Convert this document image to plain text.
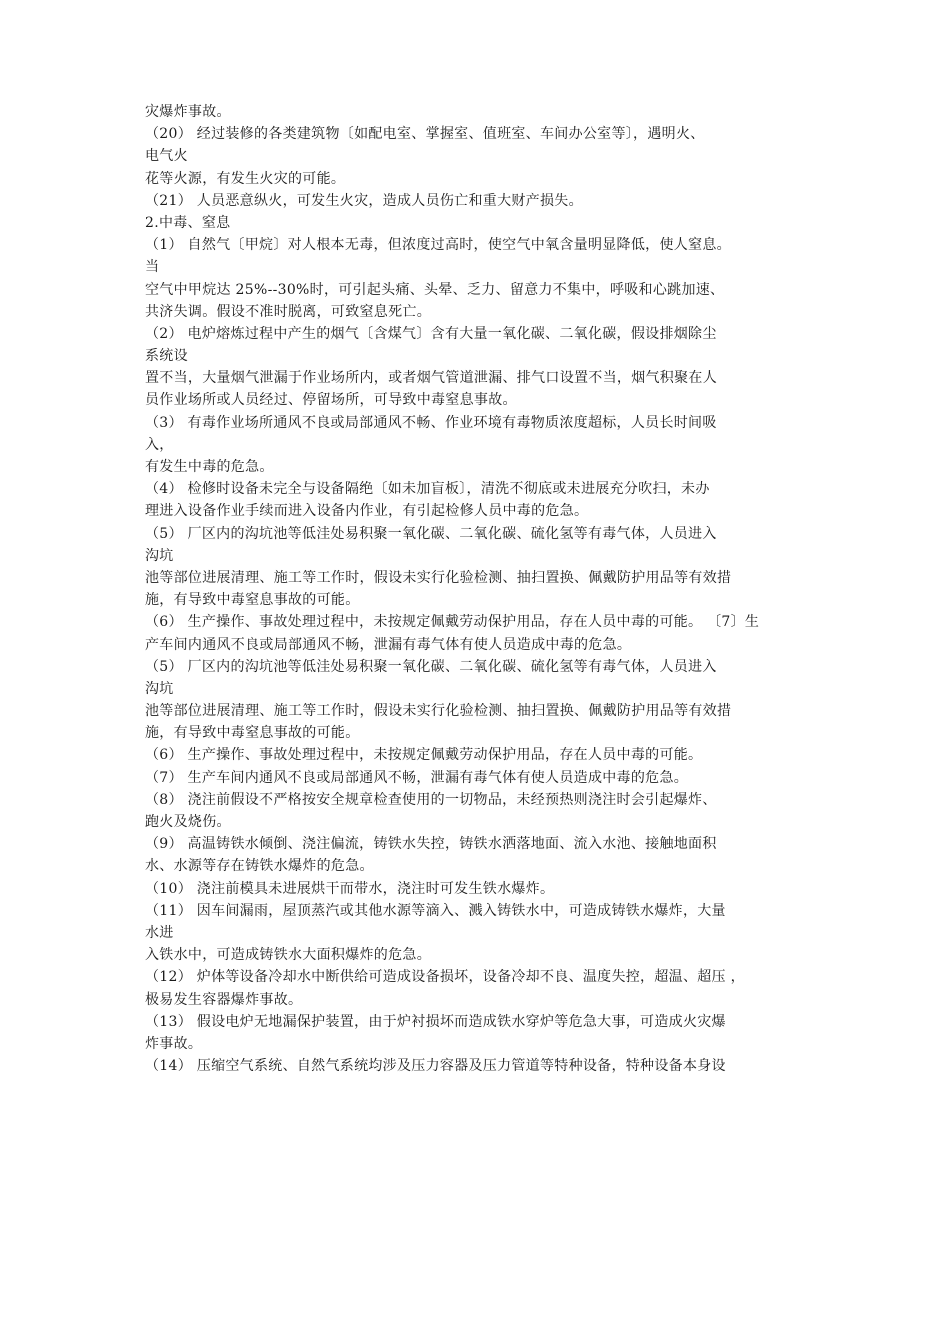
灾爆炸事故。
（20） 经过装修的各类建筑物〔如配电室、掌握室、值班室、车间办公室等〕，遇明火、
电气火
花等火源，有发生火灾的可能。
（21） 人员恶意纵火，可发生火灾，造成人员伤亡和重大财产损失。
2.中毒、窒息
（1） 自然气〔甲烷〕对人根本无毒，但浓度过高时，使空气中氧含量明显降低，使人窒息。
当
空气中甲烷达 25%--30%时，可引起头痛、头晕、乏力、留意力不集中，呼吸和心跳加速、
共济失调。假设不准时脱离，可致窒息死亡。
（2） 电炉熔炼过程中产生的烟气〔含煤气〕含有大量一氧化碳、二氧化碳，假设排烟除尘
系统设
置不当，大量烟气泄漏于作业场所内，或者烟气管道泄漏、排气口设置不当，烟气积聚在人
员作业场所或人员经过、停留场所，可导致中毒窒息事故。
（3） 有毒作业场所通风不良或局部通风不畅、作业环境有毒物质浓度超标，人员长时间吸
入，
有发生中毒的危急。
（4） 检修时设备未完全与设备隔绝〔如未加盲板〕，清洗不彻底或未进展充分吹扫，未办
理进入设备作业手续而进入设备内作业，有引起检修人员中毒的危急。
（5） 厂区内的沟坑池等低洼处易积聚一氧化碳、二氧化碳、硫化氢等有毒气体，人员进入
沟坑
池等部位进展清理、施工等工作时，假设未实行化验检测、抽扫置换、佩戴防护用品等有效措
施，有导致中毒窒息事故的可能。
（6） 生产操作、事故处理过程中，未按规定佩戴劳动保护用品，存在人员中毒的可能。 〔7〕生
产车间内通风不良或局部通风不畅，泄漏有毒气体有使人员造成中毒的危急。
（5） 厂区内的沟坑池等低洼处易积聚一氧化碳、二氧化碳、硫化氢等有毒气体，人员进入
沟坑
池等部位进展清理、施工等工作时，假设未实行化验检测、抽扫置换、佩戴防护用品等有效措
施，有导致中毒窒息事故的可能。
（6） 生产操作、事故处理过程中，未按规定佩戴劳动保护用品，存在人员中毒的可能。
（7） 生产车间内通风不良或局部通风不畅，泄漏有毒气体有使人员造成中毒的危急。
（8） 浇注前假设不严格按安全规章检查使用的一切物品，未经预热则浇注时会引起爆炸、
跑火及烧伤。
（9） 高温铸铁水倾倒、浇注偏流，铸铁水失控，铸铁水洒落地面、流入水池、接触地面积
水、水源等存在铸铁水爆炸的危急。
（10） 浇注前模具未进展烘干而带水，浇注时可发生铁水爆炸。
（11） 因车间漏雨，屋顶蒸汽或其他水源等滴入、溅入铸铁水中，可造成铸铁水爆炸，大量
水进
入铁水中，可造成铸铁水大面积爆炸的危急。
（12） 炉体等设备冷却水中断供给可造成设备损坏，设备冷却不良、温度失控，超温、超压 ，
极易发生容器爆炸事故。
（13） 假设电炉无地漏保护装置，由于炉衬损坏而造成铁水穿炉等危急大事，可造成火灾爆
炸事故。
（14） 压缩空气系统、自然气系统均涉及压力容器及压力管道等特种设备，特种设备本身设
